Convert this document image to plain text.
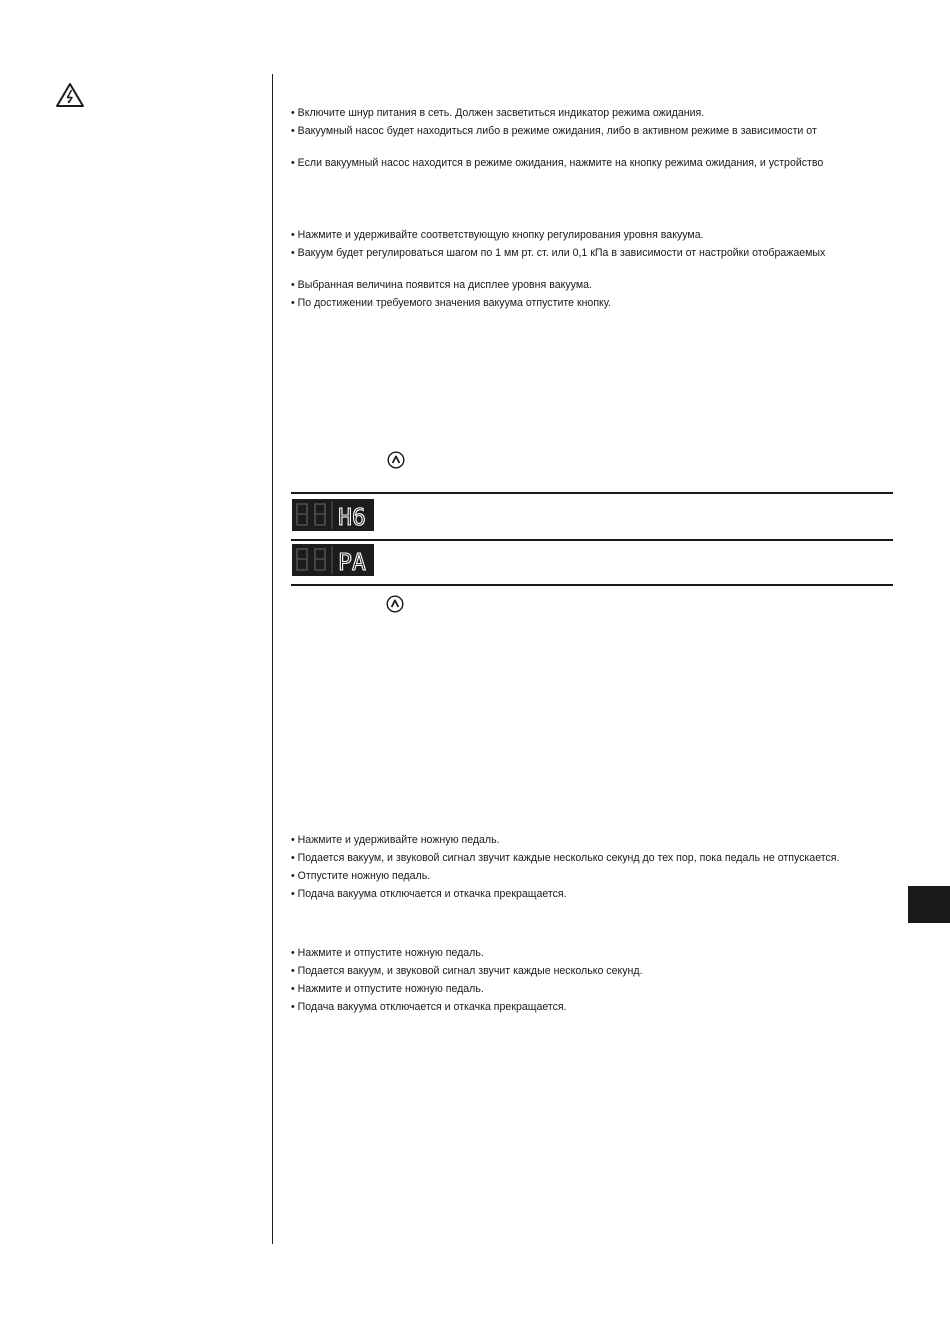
• Включите шнур питания в сеть. Должен засветиться индикатор режима ожидания.
• Вакуумный насос будет находиться либо в режиме ожидания, либо в активном режиме в зависимости от
• Если вакуумный насос находится в режиме ожидания, нажмите на кнопку режима ожидания, и устройство
• Нажмите и удерживайте соответствующую кнопку регулирования уровня вакуума.
• Вакуум будет регулироваться шагом по 1 мм рт. ст. или 0,1 кПа в зависимости от настройки отображаемых
• Выбранная величина появится на дисплее уровня вакуума.
• По достижении требуемого значения вакуума отпустите кнопку.
H6
PA
• Нажмите и удерживайте ножную педаль.
• Подается вакуум, и звуковой сигнал звучит каждые несколько секунд до тех пор, пока педаль не отпускается.
• Отпустите ножную педаль.
• Подача вакуума отключается и откачка прекращается.
• Нажмите и отпустите ножную педаль.
• Подается вакуум, и звуковой сигнал звучит каждые несколько секунд.
• Нажмите и отпустите ножную педаль.
• Подача вакуума отключается и откачка прекращается.
